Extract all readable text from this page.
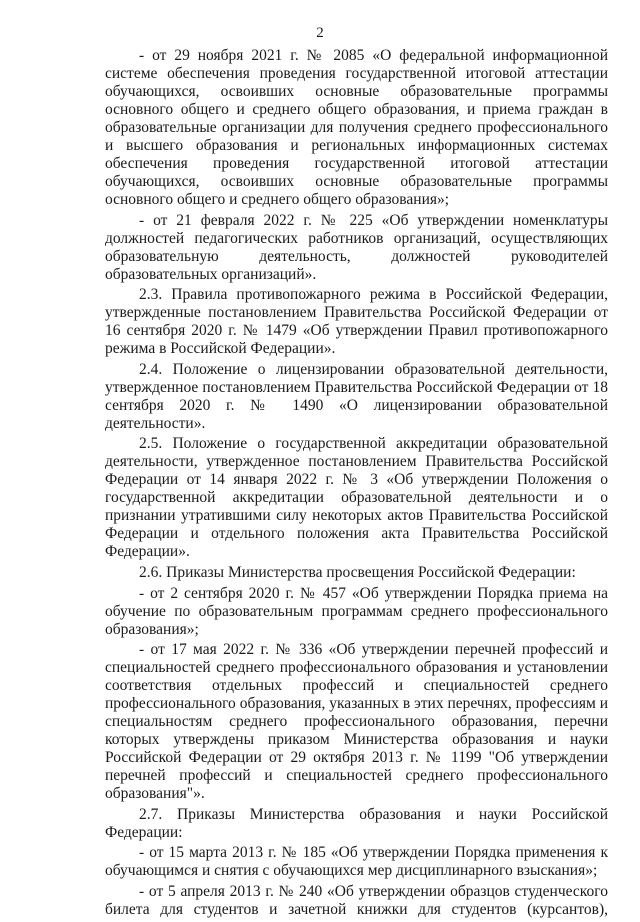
2

- от 29 ноября 2021 г. № 2085 «О федеральной информационной системе обеспечения проведения государственной итоговой аттестации обучающихся, освоивших основные образовательные программы основного общего и среднего общего образования, и приема граждан в образовательные организации для получения среднего профессионального и высшего образования и региональных информационных системах обеспечения проведения государственной итоговой аттестации обучающихся, освоивших основные образовательные программы основного общего и среднего общего образования»;

- от 21 февраля 2022 г. № 225 «Об утверждении номенклатуры должностей педагогических работников организаций, осуществляющих образовательную деятельность, должностей руководителей образовательных организаций».

2.3. Правила противопожарного режима в Российской Федерации, утвержденные постановлением Правительства Российской Федерации от 16 сентября 2020 г. № 1479 «Об утверждении Правил противопожарного режима в Российской Федерации».

2.4. Положение о лицензировании образовательной деятельности, утвержденное постановлением Правительства Российской Федерации от 18 сентября 2020 г. № 1490 «О лицензировании образовательной деятельности».

2.5. Положение о государственной аккредитации образовательной деятельности, утвержденное постановлением Правительства Российской Федерации от 14 января 2022 г. № 3 «Об утверждении Положения о государственной аккредитации образовательной деятельности и о признании утратившими силу некоторых актов Правительства Российской Федерации и отдельного положения акта Правительства Российской Федерации».

2.6. Приказы Министерства просвещения Российской Федерации:

- от 2 сентября 2020 г. № 457 «Об утверждении Порядка приема на обучение по образовательным программам среднего профессионального образования»;

- от 17 мая 2022 г. № 336 «Об утверждении перечней профессий и специальностей среднего профессионального образования и установлении соответствия отдельных профессий и специальностей среднего профессионального образования, указанных в этих перечнях, профессиям и специальностям среднего профессионального образования, перечни которых утверждены приказом Министерства образования и науки Российской Федерации от 29 октября 2013 г. № 1199 "Об утверждении перечней профессий и специальностей среднего профессионального образования"».

2.7. Приказы Министерства образования и науки Российской Федерации:

- от 15 марта 2013 г. № 185 «Об утверждении Порядка применения к обучающимся и снятия с обучающихся мер дисциплинарного взыскания»;

- от 5 апреля 2013 г. № 240 «Об утверждении образцов студенческого билета для студентов и зачетной книжки для студентов (курсантов),
